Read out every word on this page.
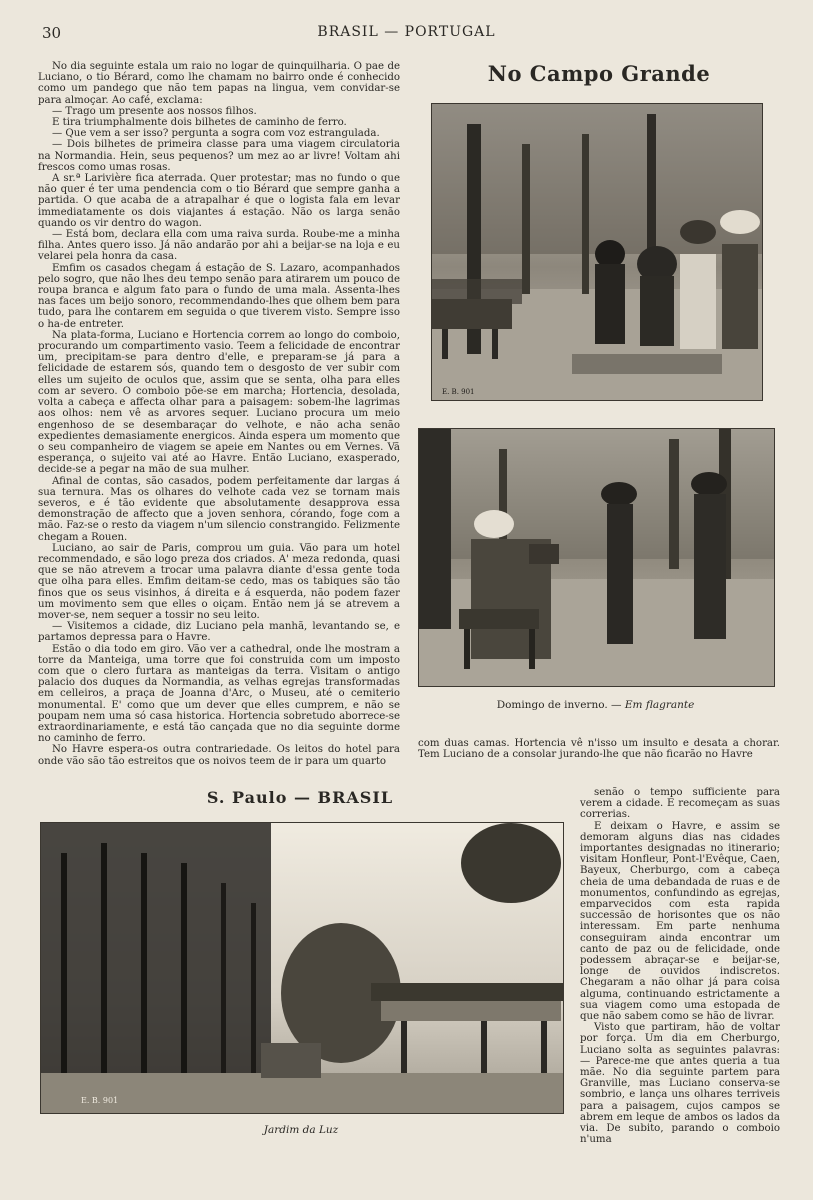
30	BRASIL — PORTUGAL

No dia seguinte estala um raio no logar de quinquilharia. O pae de Luciano, o tio Bérard, como lhe chamam no bairro onde é conhecido como um pandego que não tem papas na lingua, vem convidar-se para almoçar. Ao café, exclama:

— Trago um presente aos nossos filhos.

E tira triumphalmente dois bilhetes de caminho de ferro.

— Que vem a ser isso? pergunta a sogra com voz estrangulada.

— Dois bilhetes de primeira classe para uma viagem circulatoria na Normandia. Hein, seus pequenos? um mez ao ar livre! Voltam ahi frescos como umas rosas.

A sr.ª Larivière fica aterrada. Quer protestar; mas no fundo o que não quer é ter uma pendencia com o tio Bérard que sempre ganha a partida. O que acaba de a atrapalhar é que o logista fala em levar immediatamente os dois viajantes á estação. Não os larga senão quando os vir dentro do wagon.

— Está bom, declara ella com uma raiva surda. Roube-me a minha filha. Antes quero isso. Já não andarão por ahi a beijar-se na loja e eu velarei pela honra da casa.

Emfim os casados chegam á estação de S. Lazaro, acompanhados pelo sogro, que não lhes deu tempo senão para atirarem um pouco de roupa branca e algum fato para o fundo de uma mala. Assenta-lhes nas faces um beijo sonoro, recommendando-lhes que olhem bem para tudo, para lhe contarem em seguida o que tiverem visto. Sempre isso o ha-de entreter.

Na plata-forma, Luciano e Hortencia correm ao longo do comboio, procurando um compartimento vasio. Teem a felicidade de encontrar um, precipitam-se para dentro d'elle, e preparam-se já para a felicidade de estarem sós, quando tem o desgosto de ver subir com elles um sujeito de oculos que, assim que se senta, olha para elles com ar severo. O comboio põe-se em marcha; Hortencia, desolada, volta a cabeça e affecta olhar para a paisagem: sobem-lhe lagrimas aos olhos: nem vê as arvores sequer. Luciano procura um meio engenhoso de se desembaraçar do velhote, e não acha senão expedientes demasiamente energicos. Ainda espera um momento que o seu companheiro de viagem se apeie em Nantes ou em Vernes. Vã esperança, o sujeito vai até ao Havre. Então Luciano, exasperado, decide-se a pegar na mão de sua mulher.

Afinal de contas, são casados, podem perfeitamente dar largas á sua ternura. Mas os olhares do velhote cada vez se tornam mais severos, e é tão evidente que absolutamente desapprova essa demonstração de affecto que a joven senhora, córando, foge com a mão. Faz-se o resto da viagem n'um silencio constrangido. Felizmente chegam a Rouen.

Luciano, ao sair de Paris, comprou um guia. Vão para um hotel recommendado, e são logo preza dos criados. A' meza redonda, quasi que se não atrevem a trocar uma palavra diante d'essa gente toda que olha para elles. Emfim deitam-se cedo, mas os tabiques são tão finos que os seus visinhos, á direita e á esquerda, não podem fazer um movimento sem que elles o oiçam. Então nem já se atrevem a mover-se, nem sequer a tossir no seu leito.

— Visitemos a cidade, diz Luciano pela manhã, levantando se, e partamos depressa para o Havre.

Estão o dia todo em giro. Vão ver a cathedral, onde lhe mostram a torre da Manteiga, uma torre que foi construida com um imposto com que o clero furtara as manteigas da terra. Visitam o antigo palacio dos duques da Normandia, as velhas egrejas transformadas em celleiros, a praça de Joanna d'Arc, o Museu, até o cemiterio monumental. E' como que um dever que elles cumprem, e não se poupam nem uma só casa historica. Hortencia sobretudo aborrece-se extraordinariamente, e está tão cançada que no dia seguinte dorme no caminho de ferro.

No Havre espera-os outra contrariedade. Os leitos do hotel para onde vão são tão estreitos que os noivos teem de ir para um quarto

No Campo Grande
E. B. 901
Domingo de inverno. — Em flagrante

com duas camas. Hortencia vê n'isso um insulto e desata a chorar. Tem Luciano de a consolar jurando-lhe que não ficarão no Havre

S. Paulo — BRASIL
E. B. 901
Jardim da Luz

senão o tempo sufficiente para verem a cidade. E recomeçam as suas correrias.

E deixam o Havre, e assim se demoram alguns dias nas cidades importantes designadas no itinerario; visitam Honfleur, Pont-l'Evêque, Caen, Bayeux, Cherburgo, com a cabeça cheia de uma debandada de ruas e de monumentos, confundindo as egrejas, emparvecidos com esta rapida successão de horisontes que os não interessam. Em parte nenhuma conseguiram ainda encontrar um canto de paz ou de felicidade, onde podessem abraçar-se e beijar-se, longe de ouvidos indiscretos. Chegaram a não olhar já para coisa alguma, continuando estrictamente a sua viagem como uma estopada de que não sabem como se hão de livrar.

Visto que partiram, hão de voltar por força. Um dia em Cherburgo, Luciano solta as seguintes palavras: — Parece-me que antes queria a tua mãe. No dia seguinte partem para Granville, mas Luciano conserva-se sombrio, e lança uns olhares terriveis para a paisagem, cujos campos se abrem em leque de ambos os lados da via. De subito, parando o comboio n'uma
